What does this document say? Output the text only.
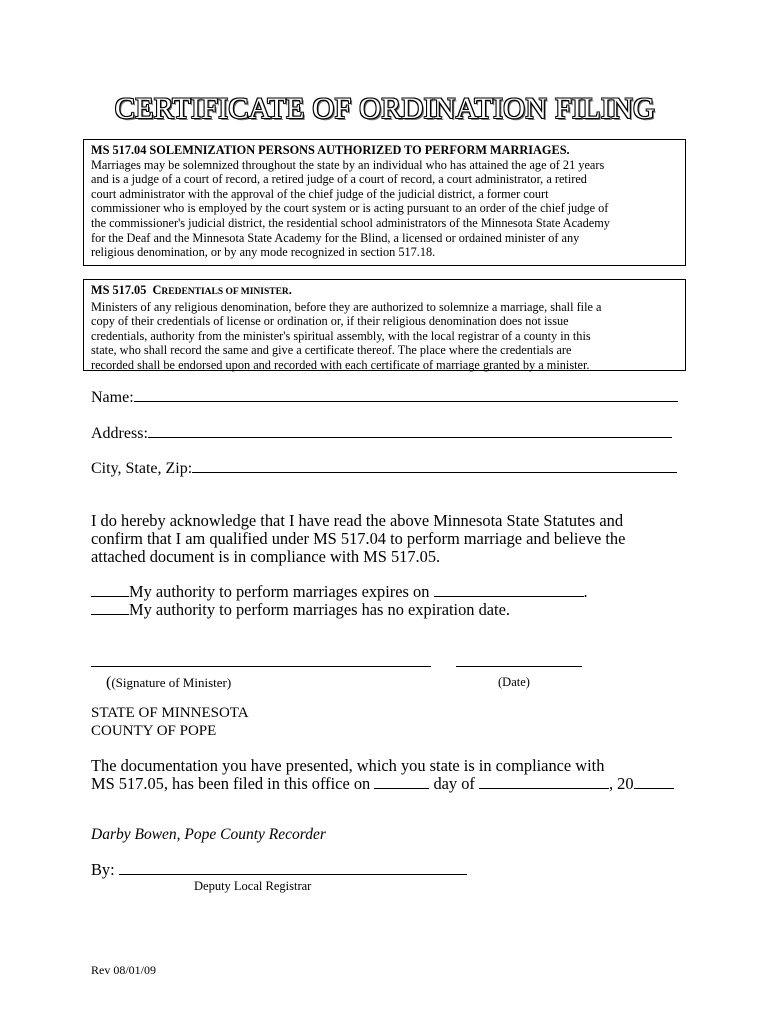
CERTIFICATE OF ORDINATION FILING
MS 517.04 SOLEMNIZATION PERSONS AUTHORIZED TO PERFORM MARRIAGES.
Marriages may be solemnized throughout the state by an individual who has attained the age of 21 years
and is a judge of a court of record, a retired judge of a court of record, a court administrator, a retired
court administrator with the approval of the chief judge of the judicial district, a former court
commissioner who is employed by the court system or is acting pursuant to an order of the chief judge of
the commissioner's judicial district, the residential school administrators of the Minnesota State Academy
for the Deaf and the Minnesota State Academy for the Blind, a licensed or ordained minister of any
religious denomination, or by any mode recognized in section 517.18.
MS 517.05 CREDENTIALS OF MINISTER.
Ministers of any religious denomination, before they are authorized to solemnize a marriage, shall file a
copy of their credentials of license or ordination or, if their religious denomination does not issue
credentials, authority from the minister's spiritual assembly, with the local registrar of a county in this
state, who shall record the same and give a certificate thereof. The place where the credentials are
recorded shall be endorsed upon and recorded with each certificate of marriage granted by a minister.
Name:
Address:
City, State, Zip:
I do hereby acknowledge that I have read the above Minnesota State Statutes and
confirm that I am qualified under MS 517.04 to perform marriage and believe the
attached document is in compliance with MS 517.05.
My authority to perform marriages expires on	.
My authority to perform marriages has no expiration date.
((Signature of Minister)	(Date)
STATE OF MINNESOTA
COUNTY OF POPE
The documentation you have presented, which you state is in compliance with
MS 517.05, has been filed in this office on	day of	, 20
Darby Bowen, Pope County Recorder
By:
Deputy Local Registrar
Rev 08/01/09
